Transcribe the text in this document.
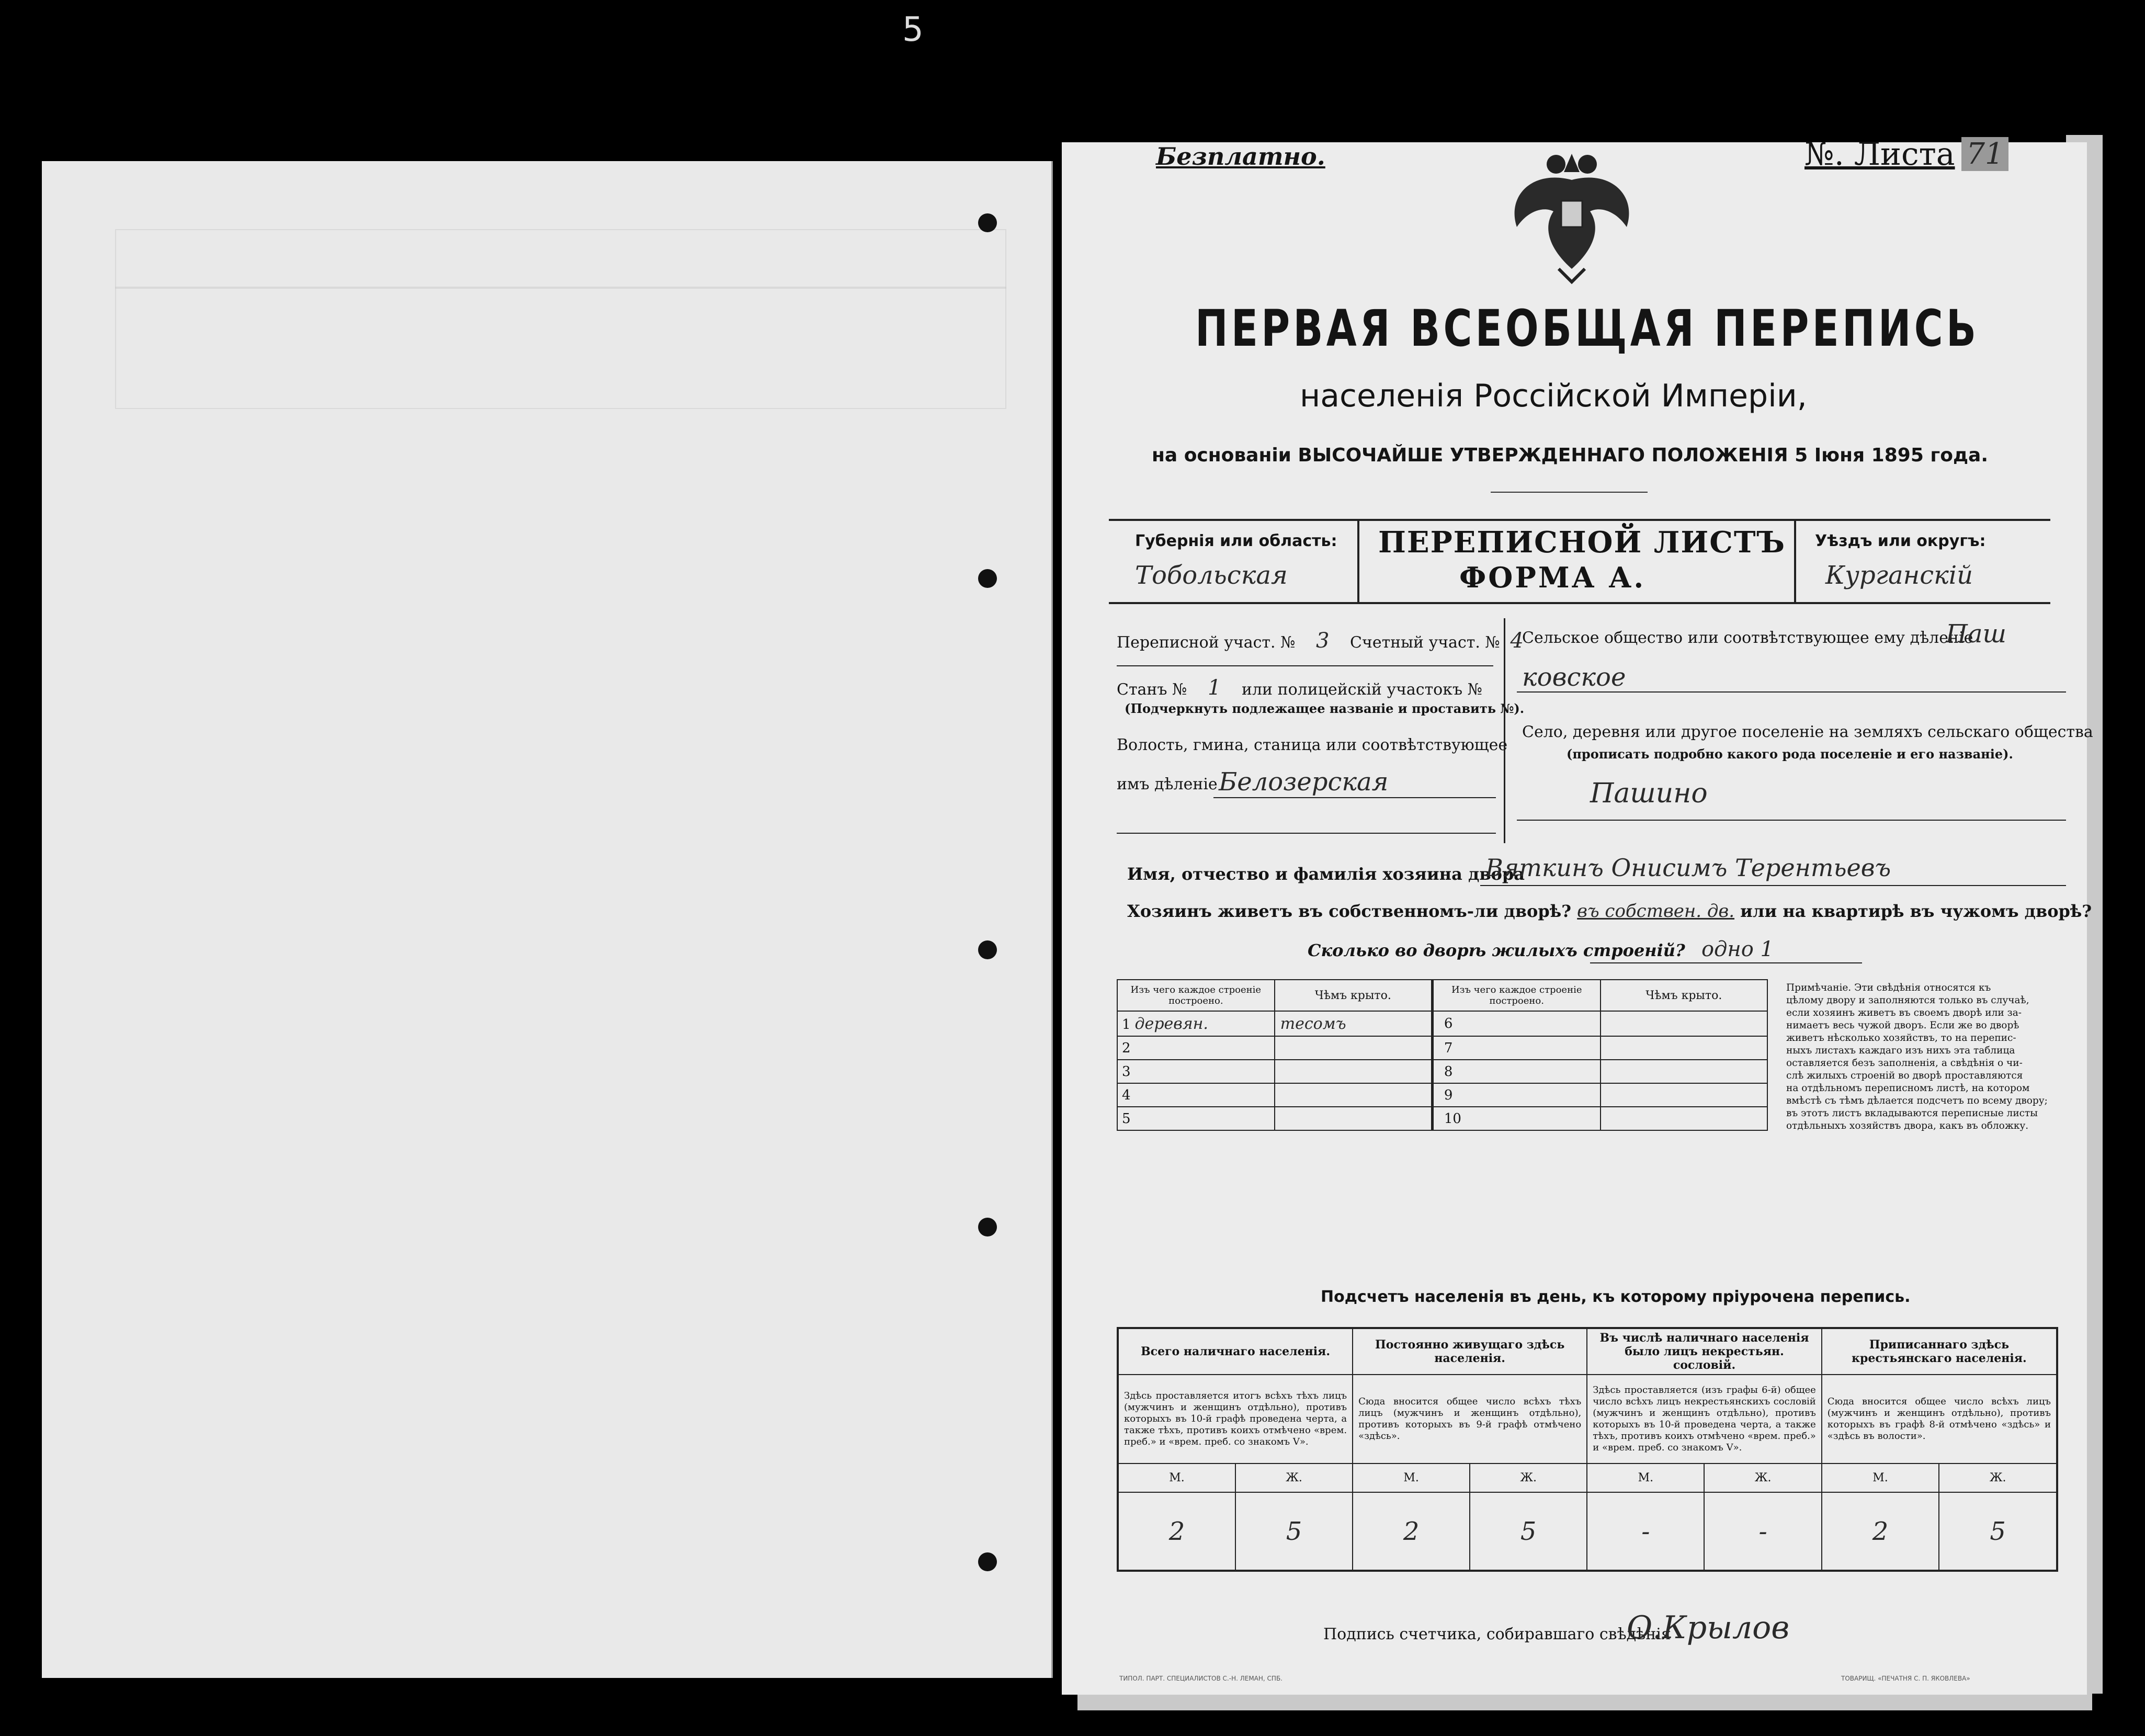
5
Безплатно.	№. Листа 71
ПЕРВАЯ ВСЕОБЩАЯ ПЕРЕПИСЬ
населенія Россійской Имперіи,
на основаніи ВЫСОЧАЙШЕ УТВЕРЖДЕННАГО ПОЛОЖЕНІЯ 5 Іюня 1895 года.
Губернія или область:
Тобольская
ПЕРЕПИСНОЙ ЛИСТЪ
ФОРМА А.
Уѣздъ или округъ:
Курганскій
Переписной участ. № 3 Счетный участ. № 4
Станъ № 1 или полицейскій участокъ №
(Подчеркнуть подлежащее названіе и проставить №).
Волость, гмина, станица или соотвѣтствующее
имъ дѣленіе Белозерская
Сельское общество или соотвѣтствующее ему дѣленіе
Паш
ковское
Село, деревня или другое поселеніе на земляхъ сельскаго общества
(прописать подробно какого рода поселеніе и его названіе).
Пашино
Имя, отчество и фамилія хозяина двора
Вяткинъ Онисимъ Терентьевъ
Хозяинъ живетъ въ собственномъ-ли дворѣ? въ собствен. дв. или на квартирѣ въ чужомъ дворѣ?
Сколько во дворѣ жилыхъ строеній? одно 1
Изъ чего каждое строеніе построено.	Чѣмъ крыто.	Изъ чего каждое строеніе построено.	Чѣмъ крыто.
1 деревян.	тесомъ	6	
2		7	
3		8	
4		9	
5		10	
Примѣчаніе. Эти свѣдѣнія относятся къ
цѣлому двору и заполняются только въ случаѣ,
если хозяинъ живетъ въ своемъ дворѣ или за-
нимаетъ весь чужой дворъ. Если же во дворѣ
живетъ нѣсколько хозяйствъ, то на перепис-
ныхъ листахъ каждаго изъ нихъ эта таблица
оставляется безъ заполненія, а свѣдѣнія о чи-
слѣ жилыхъ строеній во дворѣ проставляются
на отдѣльномъ переписномъ листѣ, на котором
вмѣстѣ съ тѣмъ дѣлается подсчетъ по всему двору;
въ этотъ листъ вкладываются переписные листы
отдѣльныхъ хозяйствъ двора, какъ въ обложку.
Подсчетъ населенія въ день, къ которому пріурочена перепись.
Всего наличнаго населенія.		Постоянно живущаго здѣсь населенія.		Въ числѣ наличнаго населенія было лицъ некрестьян. сословій.		Приписаннаго здѣсь крестьянскаго населенія.	
Здѣсь проставляется итогъ всѣхъ тѣхъ лицъ (мужчинъ и женщинъ отдѣльно), противъ которыхъ въ 10-й графѣ проведена черта, а также тѣхъ, противъ коихъ отмѣчено «врем. преб.» и «врем. преб. со знакомъ V».		Сюда вносится общее число всѣхъ тѣхъ лицъ (мужчинъ и женщинъ отдѣльно), противъ которыхъ въ 9-й графѣ отмѣчено «здѣсь».		Здѣсь проставляется (изъ графы 6-й) общее число всѣхъ лицъ некрестьянскихъ сословій (мужчинъ и женщинъ отдѣльно), противъ которыхъ въ 10-й проведена черта, а также тѣхъ, противъ коихъ отмѣчено «врем. преб.» и «врем. преб. со знакомъ V».		Сюда вносится общее число всѣхъ лицъ (мужчинъ и женщинъ отдѣльно), противъ которыхъ въ графѣ 8-й отмѣчено «здѣсь» и «здѣсь въ волости».	
М.	Ж.	М.	Ж.	М.	Ж.	М.	Ж.
2	5	2	5	-	-	2	5
Подпись счетчика, собиравшаго свѣдѣнія
О.Крылов
ТИПОЛ. ПАРТ. СПЕЦИАЛИСТОВ С.-Н. ЛЕМАН, СПБ.	ТОВАРИЩ. «ПЕЧАТНЯ С. П. ЯКОВЛЕВА»
